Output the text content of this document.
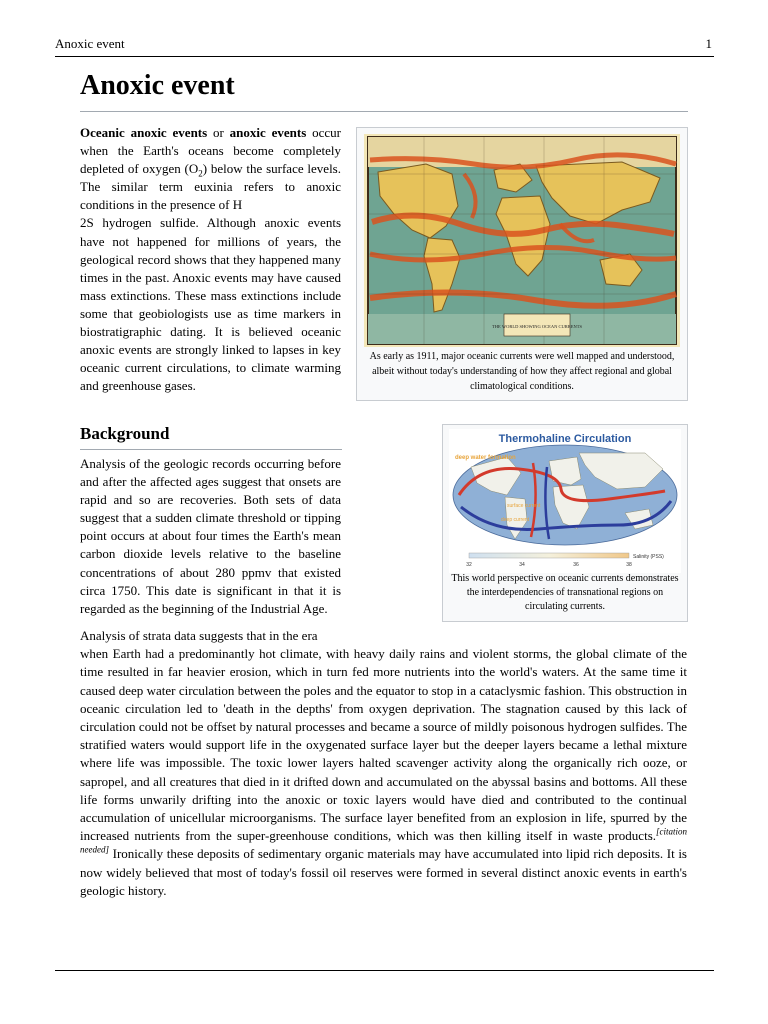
Anoxic event	1
Anoxic event

Oceanic anoxic events or anoxic events occur when the Earth's oceans become completely depleted of oxygen $(O_2)$ below the surface levels. The similar term euxinia refers to anoxic conditions in the presence of H
2S hydrogen sulfide. Although anoxic events have not happened for millions of years, the geological record shows that they happened many times in the past. Anoxic events may have caused mass extinctions. These mass extinctions include some that geobiologists use as time markers in biostratigraphic dating. It is believed oceanic anoxic events are strongly linked to lapses in key oceanic current circulations, to climate warming and greenhouse gases.

THE WORLD SHOWING OCEAN CURRENTS
As early as 1911, major oceanic currents were well mapped and understood, albeit without today's understanding of how they affect regional and global climatological conditions.
Background

Analysis of the geologic records occurring before and after the affected ages suggest that onsets are rapid and so are recoveries. Both sets of data suggest that a sudden climate threshold or tipping point occurs at about four times the Earth's mean carbon dioxide levels relative to the baseline concentrations of about 280 ppmv that existed circa 1750. This date is significant in that it is regarded as the beginning of the Industrial Age.

Thermohaline Circulation
deep water formation
surface current
deep current
Salinity (PSS)
32	34	36	38
This world perspective on oceanic currents demonstrates the interdependencies of transnational regions on circulating currents.

Analysis of strata data suggests that in the era
when Earth had a predominantly hot climate, with heavy daily rains and violent storms, the global climate of the time resulted in far heavier erosion, which in turn fed more nutrients into the world's waters. At the same time it caused deep water circulation between the poles and the equator to stop in a cataclysmic fashion. This obstruction in oceanic circulation led to 'death in the depths' from oxygen deprivation. The stagnation caused by this lack of circulation could not be offset by natural processes and became a source of mildly poisonous hydrogen sulfides. The stratified waters would support life in the oxygenated surface layer but the deeper layers became a lethal mixture where life was impossible. The toxic lower layers halted scavenger activity along the organically rich ooze, or sapropel, and all creatures that died in it drifted down and accumulated on the abyssal basins and bottoms. All these life forms unwarily drifting into the anoxic or toxic layers would have died and contributed to the continual accumulation of unicellular microorganisms. The surface layer benefited from an explosion in life, spurred by the increased nutrients from the super-greenhouse conditions, which was then killing itself in waste products.[citation needed] Ironically these deposits of sedimentary organic materials may have accumulated into lipid rich deposits. It is now widely believed that most of today's fossil oil reserves were formed in several distinct anoxic events in earth's geologic history.
